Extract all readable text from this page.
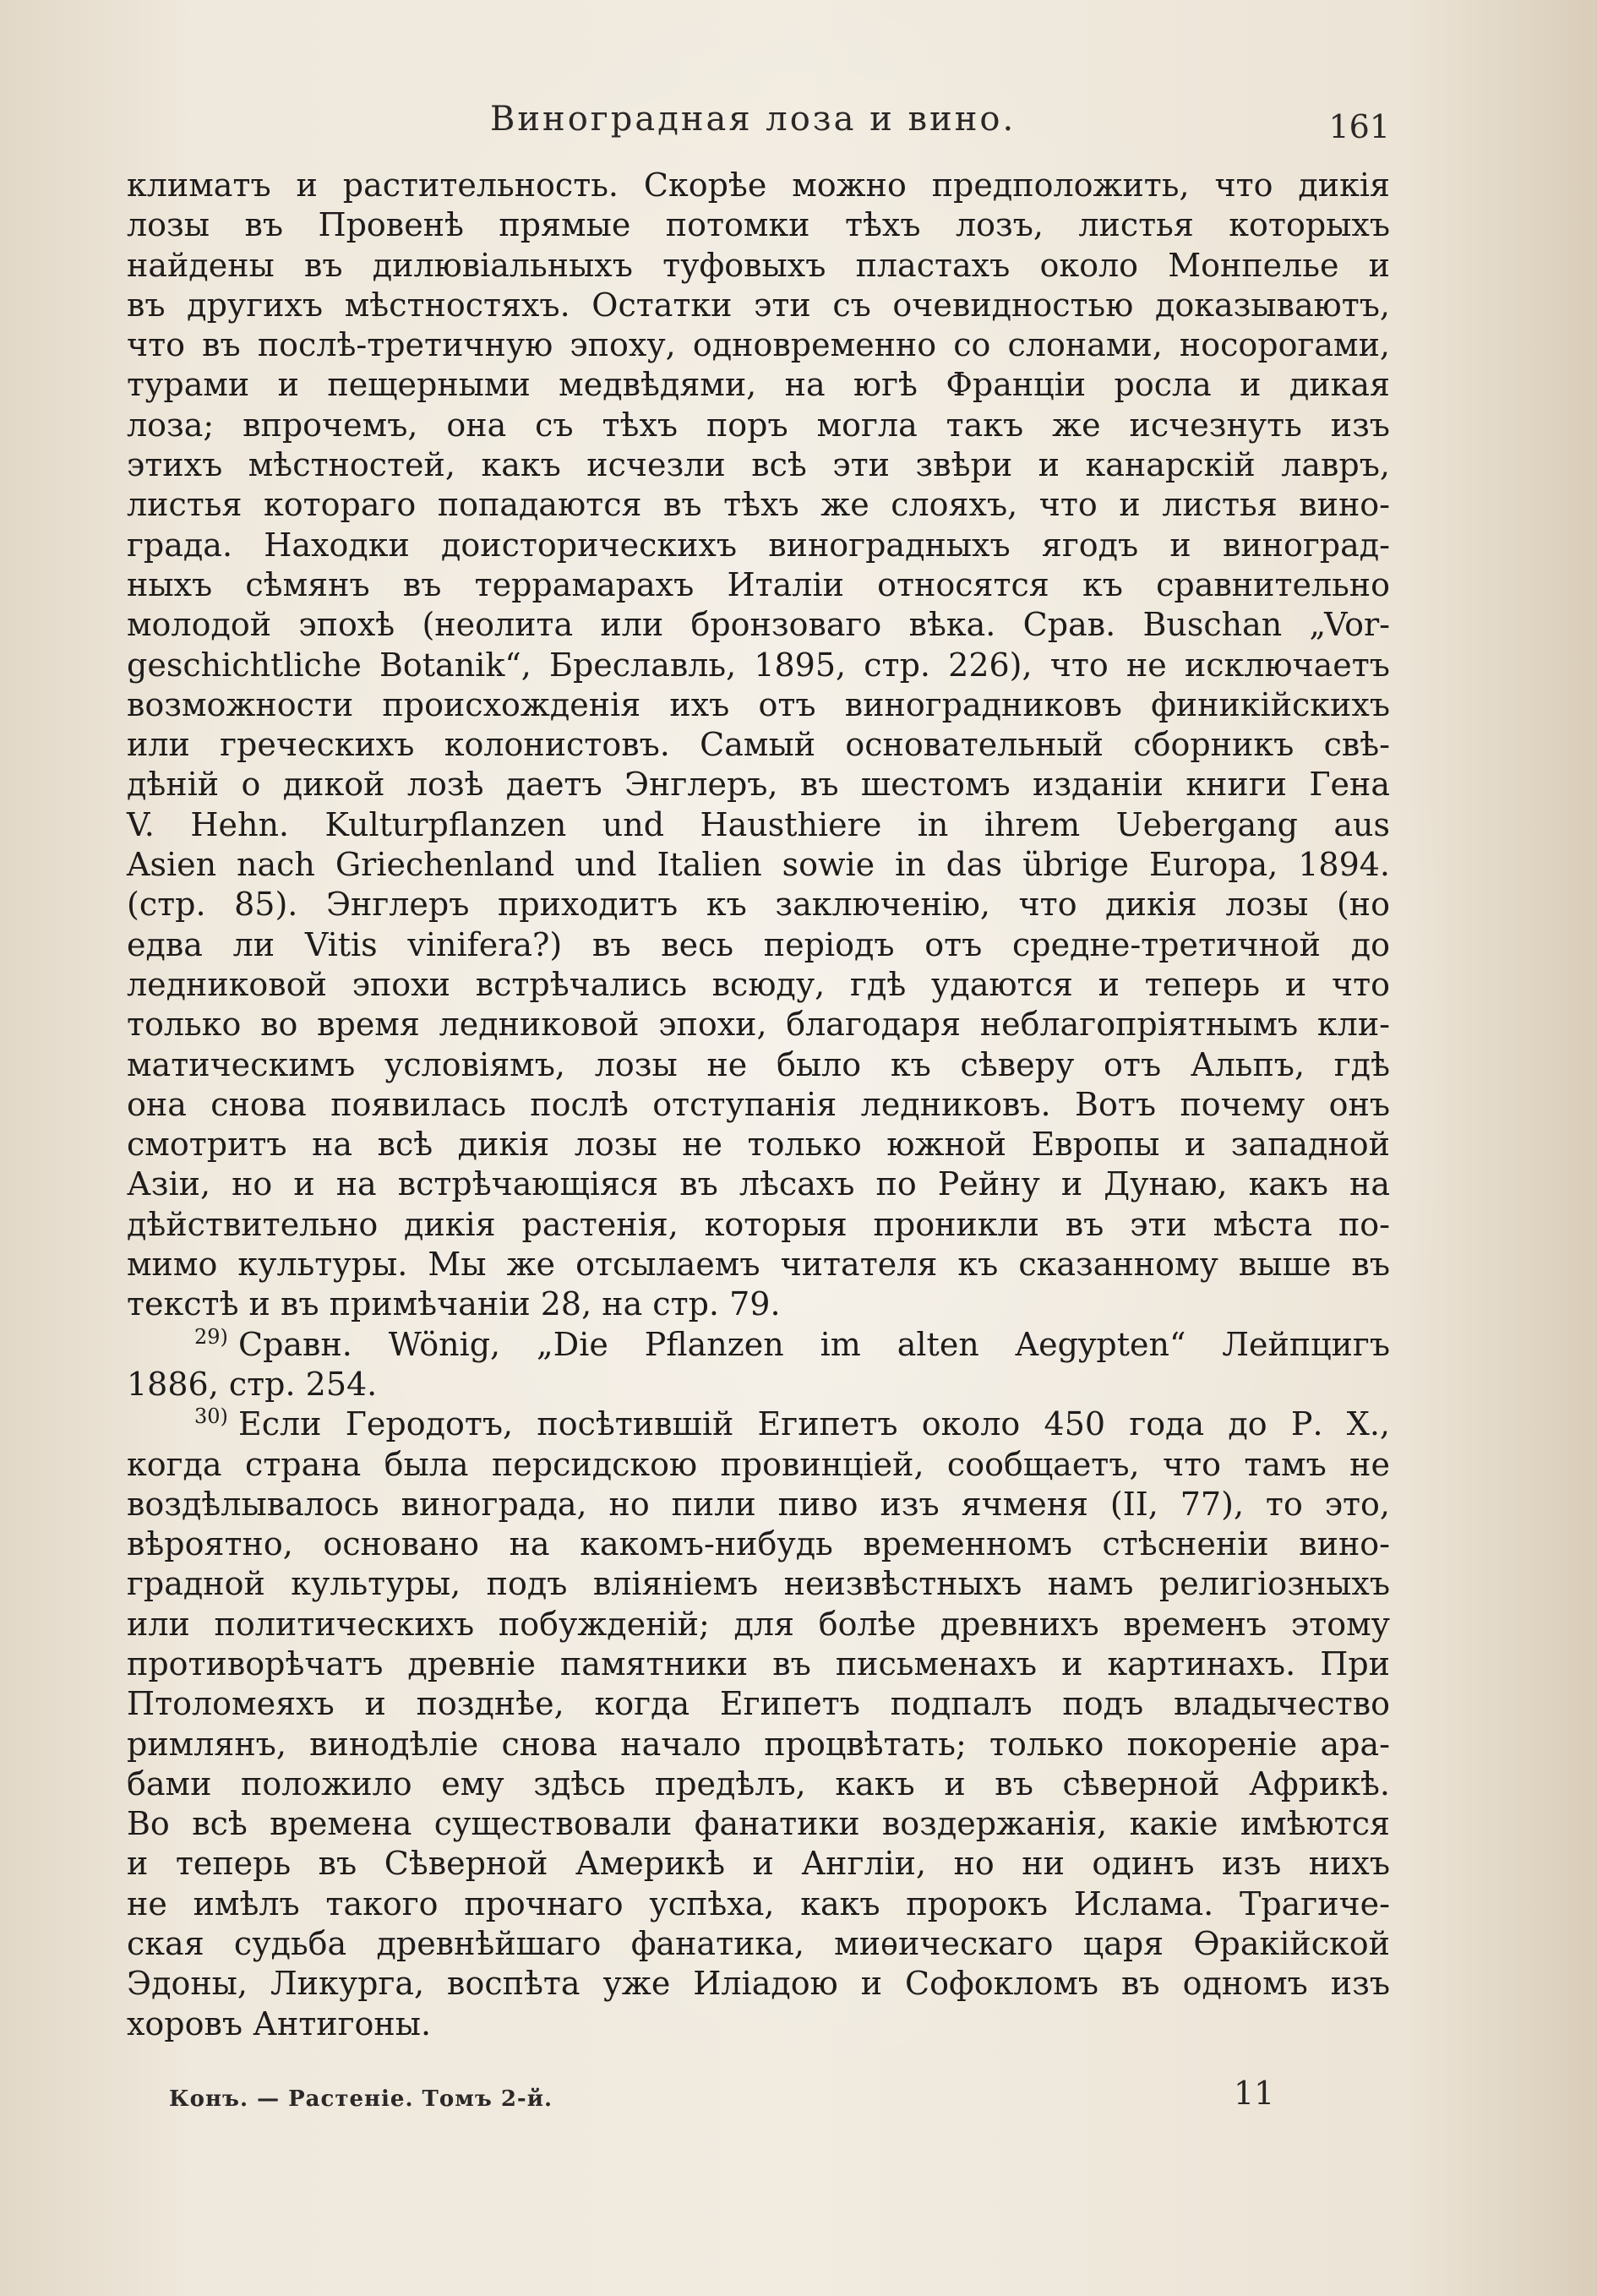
Виноградная лоза и вино.	161
климатъ и растительность. Скорѣе можно предположить, что дикія
лозы въ Провенѣ прямые потомки тѣхъ лозъ, листья которыхъ
найдены въ дилювіальныхъ туфовыхъ пластахъ около Монпелье и
въ другихъ мѣстностяхъ. Остатки эти съ очевидностью доказываютъ,
что въ послѣ-третичную эпоху, одновременно со слонами, носорогами,
турами и пещерными медвѣдями, на югѣ Франціи росла и дикая
лоза; впрочемъ, она съ тѣхъ поръ могла такъ же исчезнуть изъ
этихъ мѣстностей, какъ исчезли всѣ эти звѣри и канарскій лавръ,
листья котораго попадаются въ тѣхъ же слояхъ, что и листья вино-
града. Находки доисторическихъ виноградныхъ ягодъ и виноград-
ныхъ сѣмянъ въ террамарахъ Италіи относятся къ сравнительно
молодой эпохѣ (неолита или бронзоваго вѣка. Срав. Buschan „Vor-
geschichtliche Botanik“, Бреславль, 1895, стр. 226), что не исключаетъ
возможности происхожденія ихъ отъ виноградниковъ финикійскихъ
или греческихъ колонистовъ. Самый основательный сборникъ свѣ-
дѣній о дикой лозѣ даетъ Энглеръ, въ шестомъ изданіи книги Гена
V. Hehn. Kulturpflanzen und Hausthiere in ihrem Uebergang aus
Asien nach Griechenland und Italien sowie in das übrige Europa, 1894.
(стр. 85). Энглеръ приходитъ къ заключенію, что дикія лозы (но
едва ли Vitis vinifera?) въ весь періодъ отъ средне-третичной до
ледниковой эпохи встрѣчались всюду, гдѣ удаются и теперь и что
только во время ледниковой эпохи, благодаря неблагопріятнымъ кли-
матическимъ условіямъ, лозы не было къ сѣверу отъ Альпъ, гдѣ
она снова появилась послѣ отступанія ледниковъ. Вотъ почему онъ
смотритъ на всѣ дикія лозы не только южной Европы и западной
Азіи, но и на встрѣчающіяся въ лѣсахъ по Рейну и Дунаю, какъ на
дѣйствительно дикія растенія, которыя проникли въ эти мѣста по-
мимо культуры. Мы же отсылаемъ читателя къ сказанному выше въ
текстѣ и въ примѣчаніи 28, на стр. 79.
29)
Сравн. Wönig, „Die Pflanzen im alten Aegypten“ Лейпцигъ
1886, стр. 254.
30)
Если Геродотъ, посѣтившій Египетъ около 450 года до Р. Х.,
когда страна была персидскою провинціей, сообщаетъ, что тамъ не
воздѣлывалось винограда, но пили пиво изъ ячменя (II, 77), то это,
вѣроятно, основано на какомъ-нибудь временномъ стѣсненіи вино-
градной культуры, подъ вліяніемъ неизвѣстныхъ намъ религіозныхъ
или политическихъ побужденій; для болѣе древнихъ временъ этому
противорѣчатъ древніе памятники въ письменахъ и картинахъ. При
Птоломеяхъ и позднѣе, когда Египетъ подпалъ подъ владычество
римлянъ, винодѣліе снова начало процвѣтать; только покореніе ара-
бами положило ему здѣсь предѣлъ, какъ и въ сѣверной Африкѣ.
Во всѣ времена существовали фанатики воздержанія, какіе имѣются
и теперь въ Сѣверной Америкѣ и Англіи, но ни одинъ изъ нихъ
не имѣлъ такого прочнаго успѣха, какъ пророкъ Ислама. Трагиче-
ская судьба древнѣйшаго фанатика, миѳическаго царя Ѳракійской
Эдоны, Ликурга, воспѣта уже Иліадою и Софокломъ въ одномъ изъ
хоровъ Антигоны.
Конъ. — Растеніе. Томъ 2-й.	11
